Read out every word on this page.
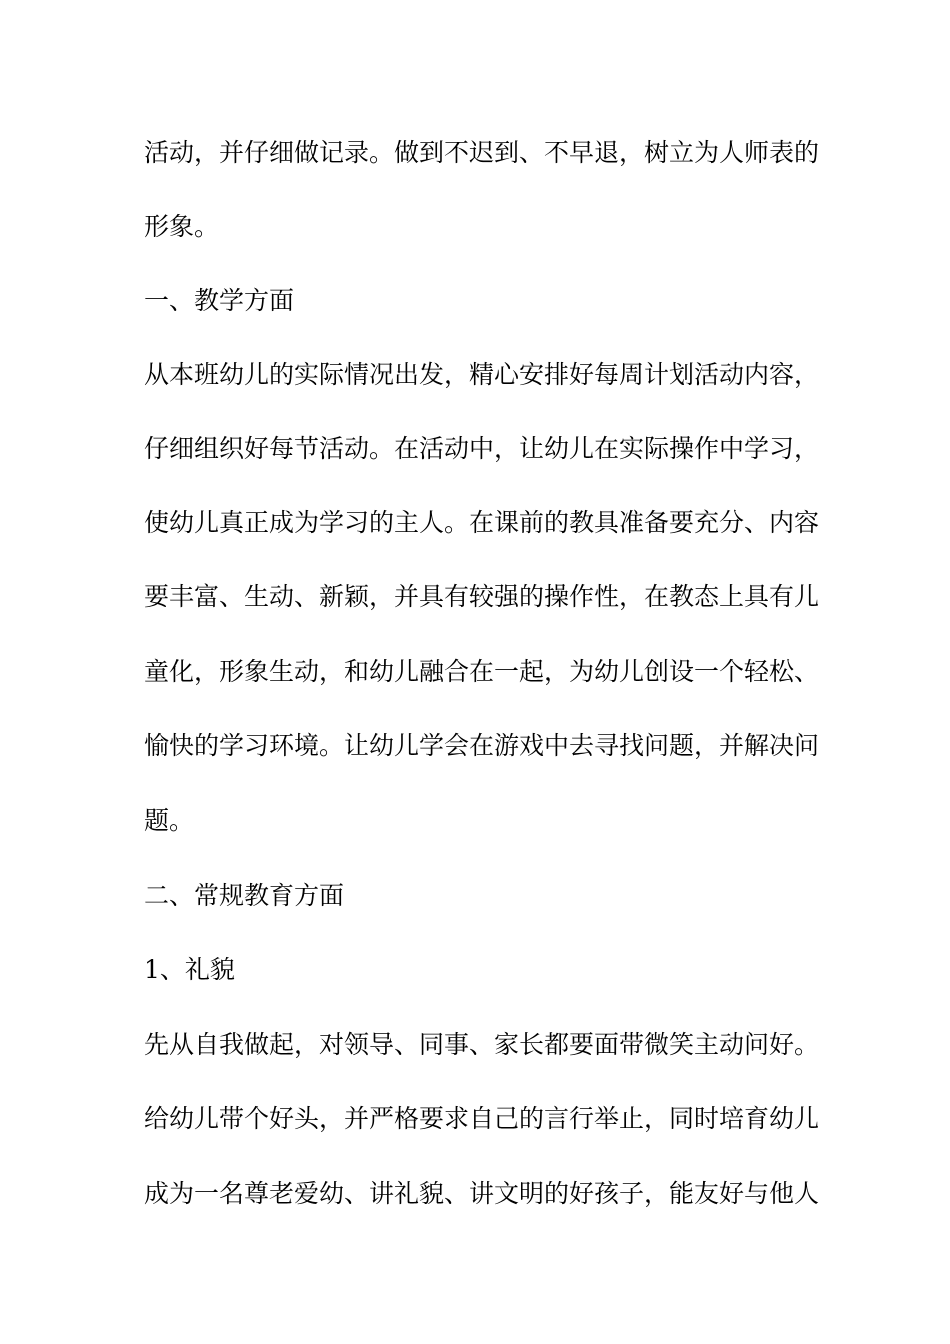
活动，并仔细做记录。做到不迟到、不早退，树立为人师表的
形象。
一、教学方面
从本班幼儿的实际情况出发，精心安排好每周计划活动内容，
仔细组织好每节活动。在活动中，让幼儿在实际操作中学习，
使幼儿真正成为学习的主人。在课前的教具准备要充分、内容
要丰富、生动、新颖，并具有较强的操作性，在教态上具有儿
童化，形象生动，和幼儿融合在一起，为幼儿创设一个轻松、
愉快的学习环境。让幼儿学会在游戏中去寻找问题，并解决问
题。
二、常规教育方面
1、礼貌
先从自我做起，对领导、同事、家长都要面带微笑主动问好。
给幼儿带个好头，并严格要求自己的言行举止，同时培育幼儿
成为一名尊老爱幼、讲礼貌、讲文明的好孩子，能友好与他人
